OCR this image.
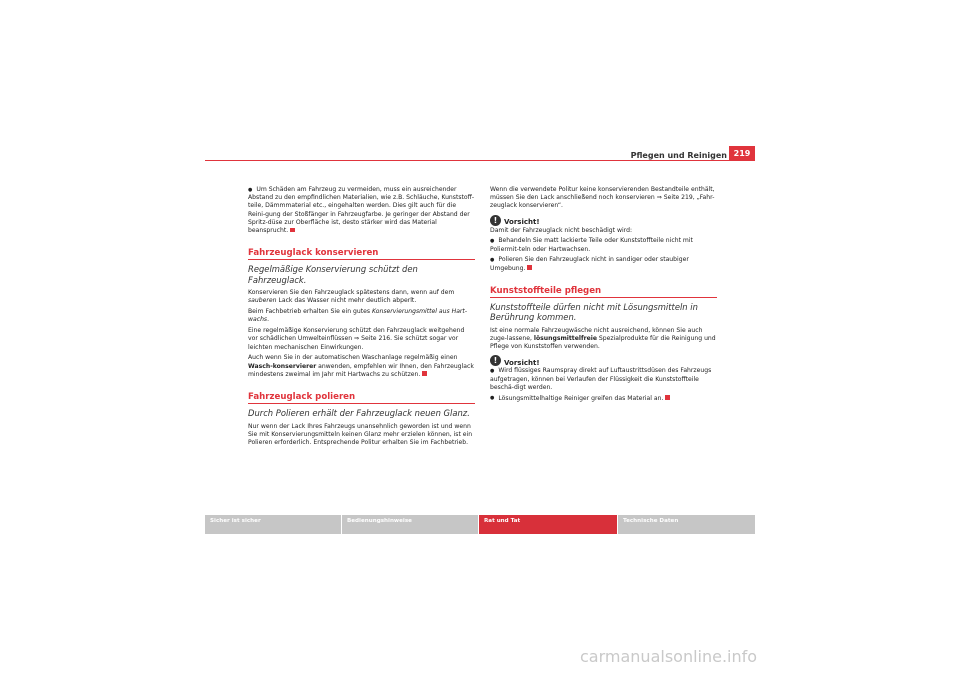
Pflegen und Reinigen 219

● Um Schäden am Fahrzeug zu vermeiden, muss ein ausreichender Abstand zu den empfindlichen Materialien, wie z.B. Schläuche, Kunststoff-teile, Dämmmaterial etc., eingehalten werden. Dies gilt auch für die Reini-gung der Stoßfänger in Fahrzeugfarbe. Je geringer der Abstand der Spritz-düse zur Oberfläche ist, desto stärker wird das Material beansprucht.

Fahrzeuglack konservieren
Regelmäßige Konservierung schützt den Fahrzeuglack.

Konservieren Sie den Fahrzeuglack spätestens dann, wenn auf dem sauberen Lack das Wasser nicht mehr deutlich abperlt.

Beim Fachbetrieb erhalten Sie ein gutes Konservierungsmittel aus Hart-wachs.

Eine regelmäßige Konservierung schützt den Fahrzeuglack weitgehend vor schädlichen Umwelteinflüssen ⇒ Seite 216. Sie schützt sogar vor leichten mechanischen Einwirkungen.

Auch wenn Sie in der automatischen Waschanlage regelmäßig einen Wasch-konservierer anwenden, empfehlen wir Ihnen, den Fahrzeuglack mindestens zweimal im Jahr mit Hartwachs zu schützen.

Fahrzeuglack polieren
Durch Polieren erhält der Fahrzeuglack neuen Glanz.

Nur wenn der Lack Ihres Fahrzeugs unansehnlich geworden ist und wenn Sie mit Konservierungsmitteln keinen Glanz mehr erzielen können, ist ein Polieren erforderlich. Entsprechende Politur erhalten Sie im Fachbetrieb.

Wenn die verwendete Politur keine konservierenden Bestandteile enthält, müssen Sie den Lack anschließend noch konservieren ⇒ Seite 219, „Fahr-zeuglack konservieren“.

! Vorsicht!

Damit der Fahrzeuglack nicht beschädigt wird:

● Behandeln Sie matt lackierte Teile oder Kunststoffteile nicht mit Poliermit-teln oder Hartwachsen.

● Polieren Sie den Fahrzeuglack nicht in sandiger oder staubiger Umgebung.

Kunststoffteile pflegen
Kunststoffteile dürfen nicht mit Lösungsmitteln in Berührung kommen.

Ist eine normale Fahrzeugwäsche nicht ausreichend, können Sie auch zuge-lassene, lösungsmittelfreie Spezialprodukte für die Reinigung und Pflege von Kunststoffen verwenden.

! Vorsicht!

● Wird flüssiges Raumspray direkt auf Luftaustrittsdüsen des Fahrzeugs aufgetragen, können bei Verlaufen der Flüssigkeit die Kunststoffteile beschä-digt werden.

● Lösungsmittelhaltige Reiniger greifen das Material an.

Sicher ist sicher	Bedienungshinweise	Rat und Tat	Technische Daten
carmanualsonline.info
